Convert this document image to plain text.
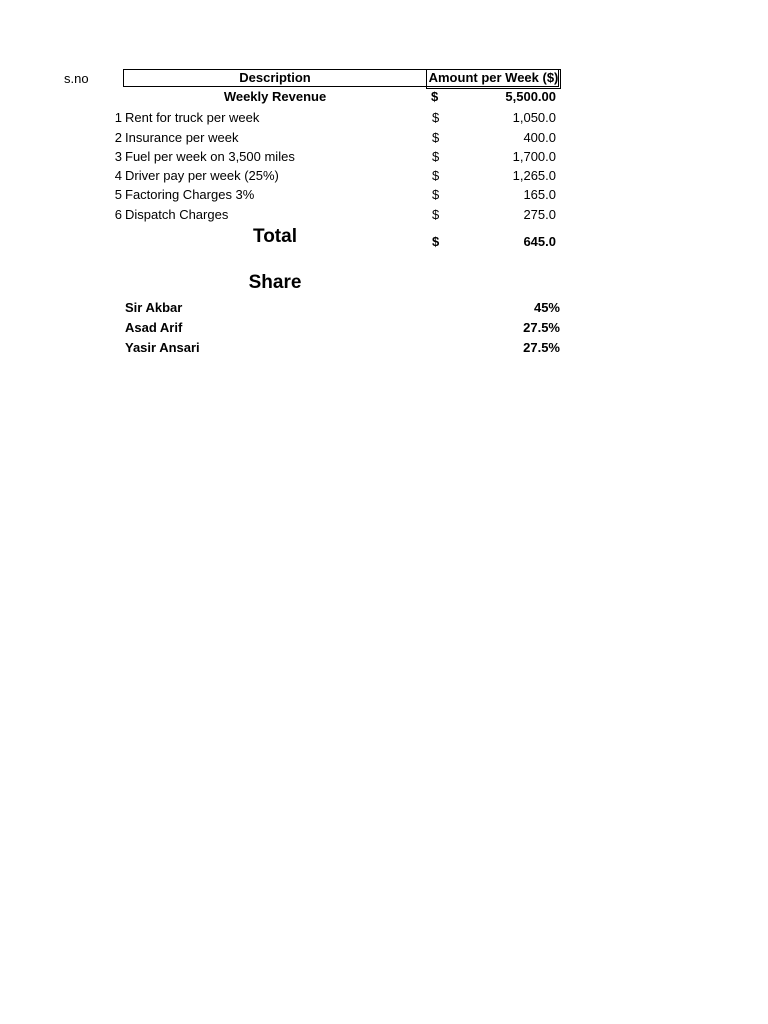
s.no	Description	Amount per Week ($)
Weekly Revenue	$	5,500.00
1 Rent for truck per week	$	1,050.0
2 Insurance per week	$	400.0
3 Fuel per week on 3,500 miles	$	1,700.0
4 Driver pay per week (25%)	$	1,265.0
5 Factoring Charges 3%	$	165.0
6 Dispatch Charges	$	275.0
Total	$	645.0
Share
Sir Akbar	45%
Asad Arif	27.5%
Yasir Ansari	27.5%
